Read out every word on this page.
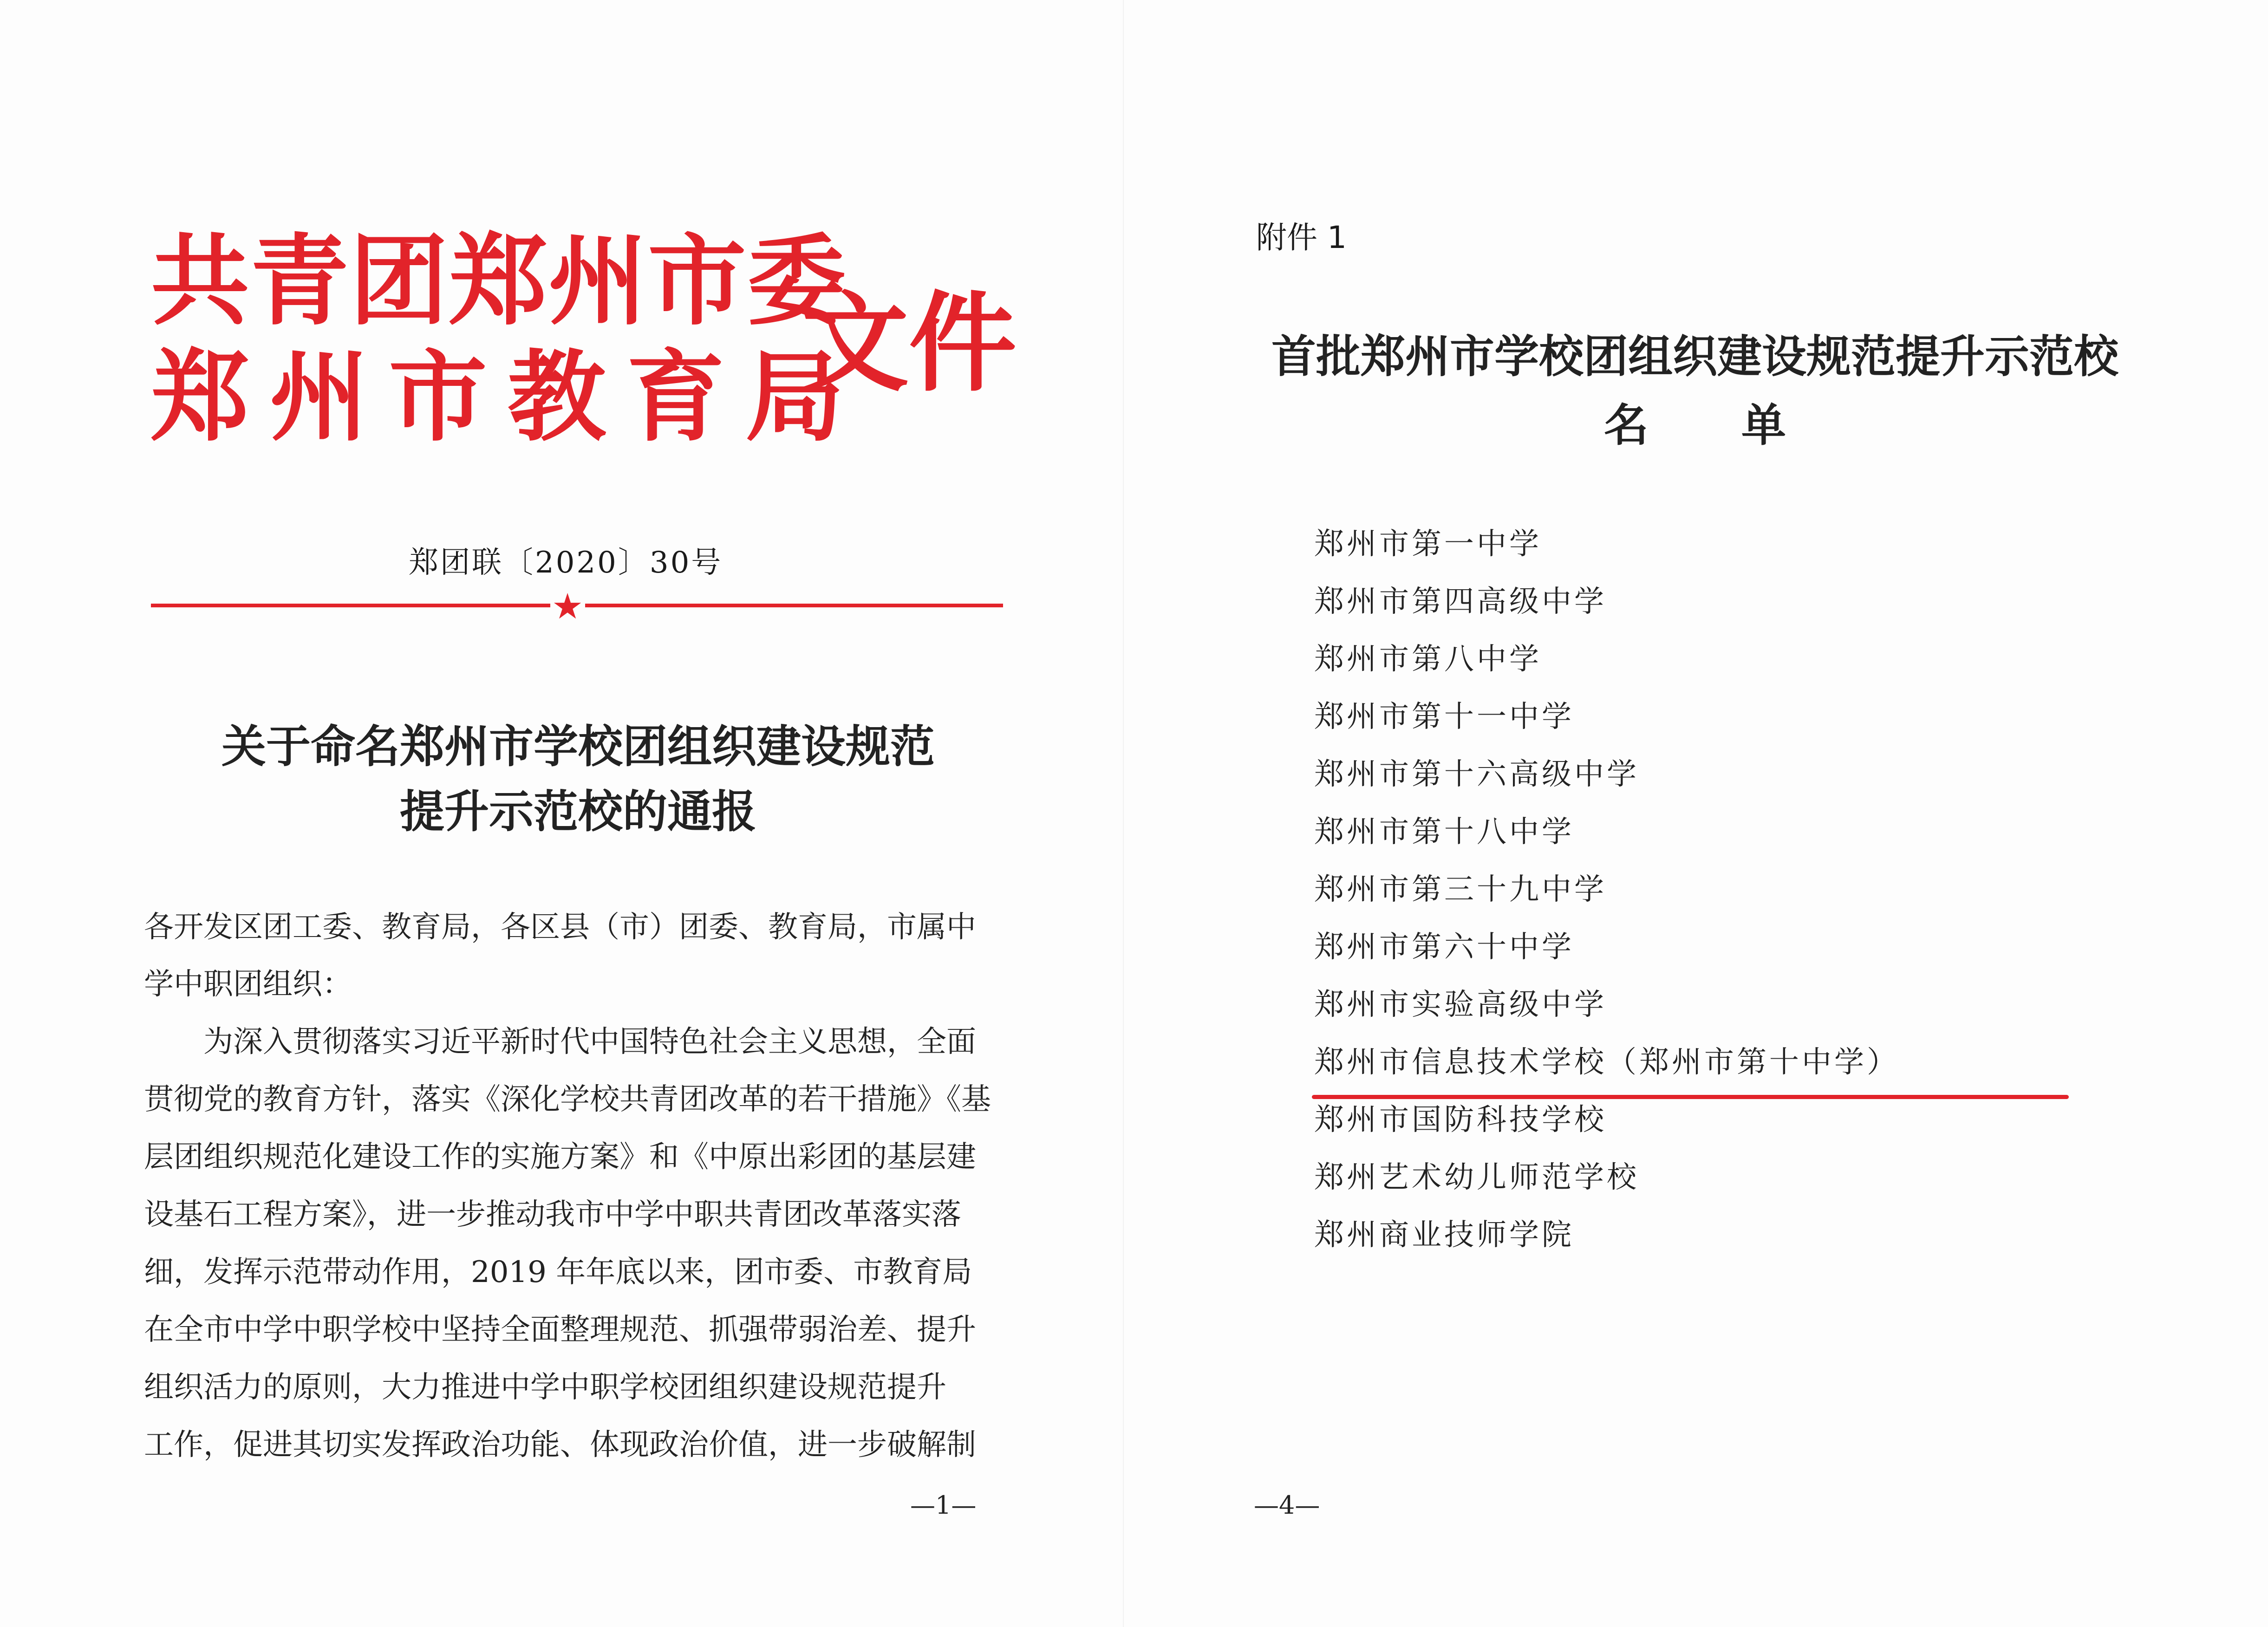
共青团郑州市委
郑州市教育局
文件
郑团联〔2020〕30号
★
关于命名郑州市学校团组织建设规范
提升示范校的通报
各开发区团工委、教育局，各区县（市）团委、教育局，市属中
学中职团组织：
　　为深入贯彻落实习近平新时代中国特色社会主义思想，全面
贯彻党的教育方针，落实《深化学校共青团改革的若干措施》《基
层团组织规范化建设工作的实施方案》和《中原出彩团的基层建
设基石工程方案》，进一步推动我市中学中职共青团改革落实落
细，发挥示范带动作用，2019 年年底以来，团市委、市教育局
在全市中学中职学校中坚持全面整理规范、抓强带弱治差、提升
组织活力的原则，大力推进中学中职学校团组织建设规范提升
工作，促进其切实发挥政治功能、体现政治价值，进一步破解制
—1—
附件 1
首批郑州市学校团组织建设规范提升示范校
名单
郑州市第一中学
郑州市第四高级中学
郑州市第八中学
郑州市第十一中学
郑州市第十六高级中学
郑州市第十八中学
郑州市第三十九中学
郑州市第六十中学
郑州市实验高级中学
郑州市信息技术学校（郑州市第十中学）
郑州市国防科技学校
郑州艺术幼儿师范学校
郑州商业技师学院
—4—
